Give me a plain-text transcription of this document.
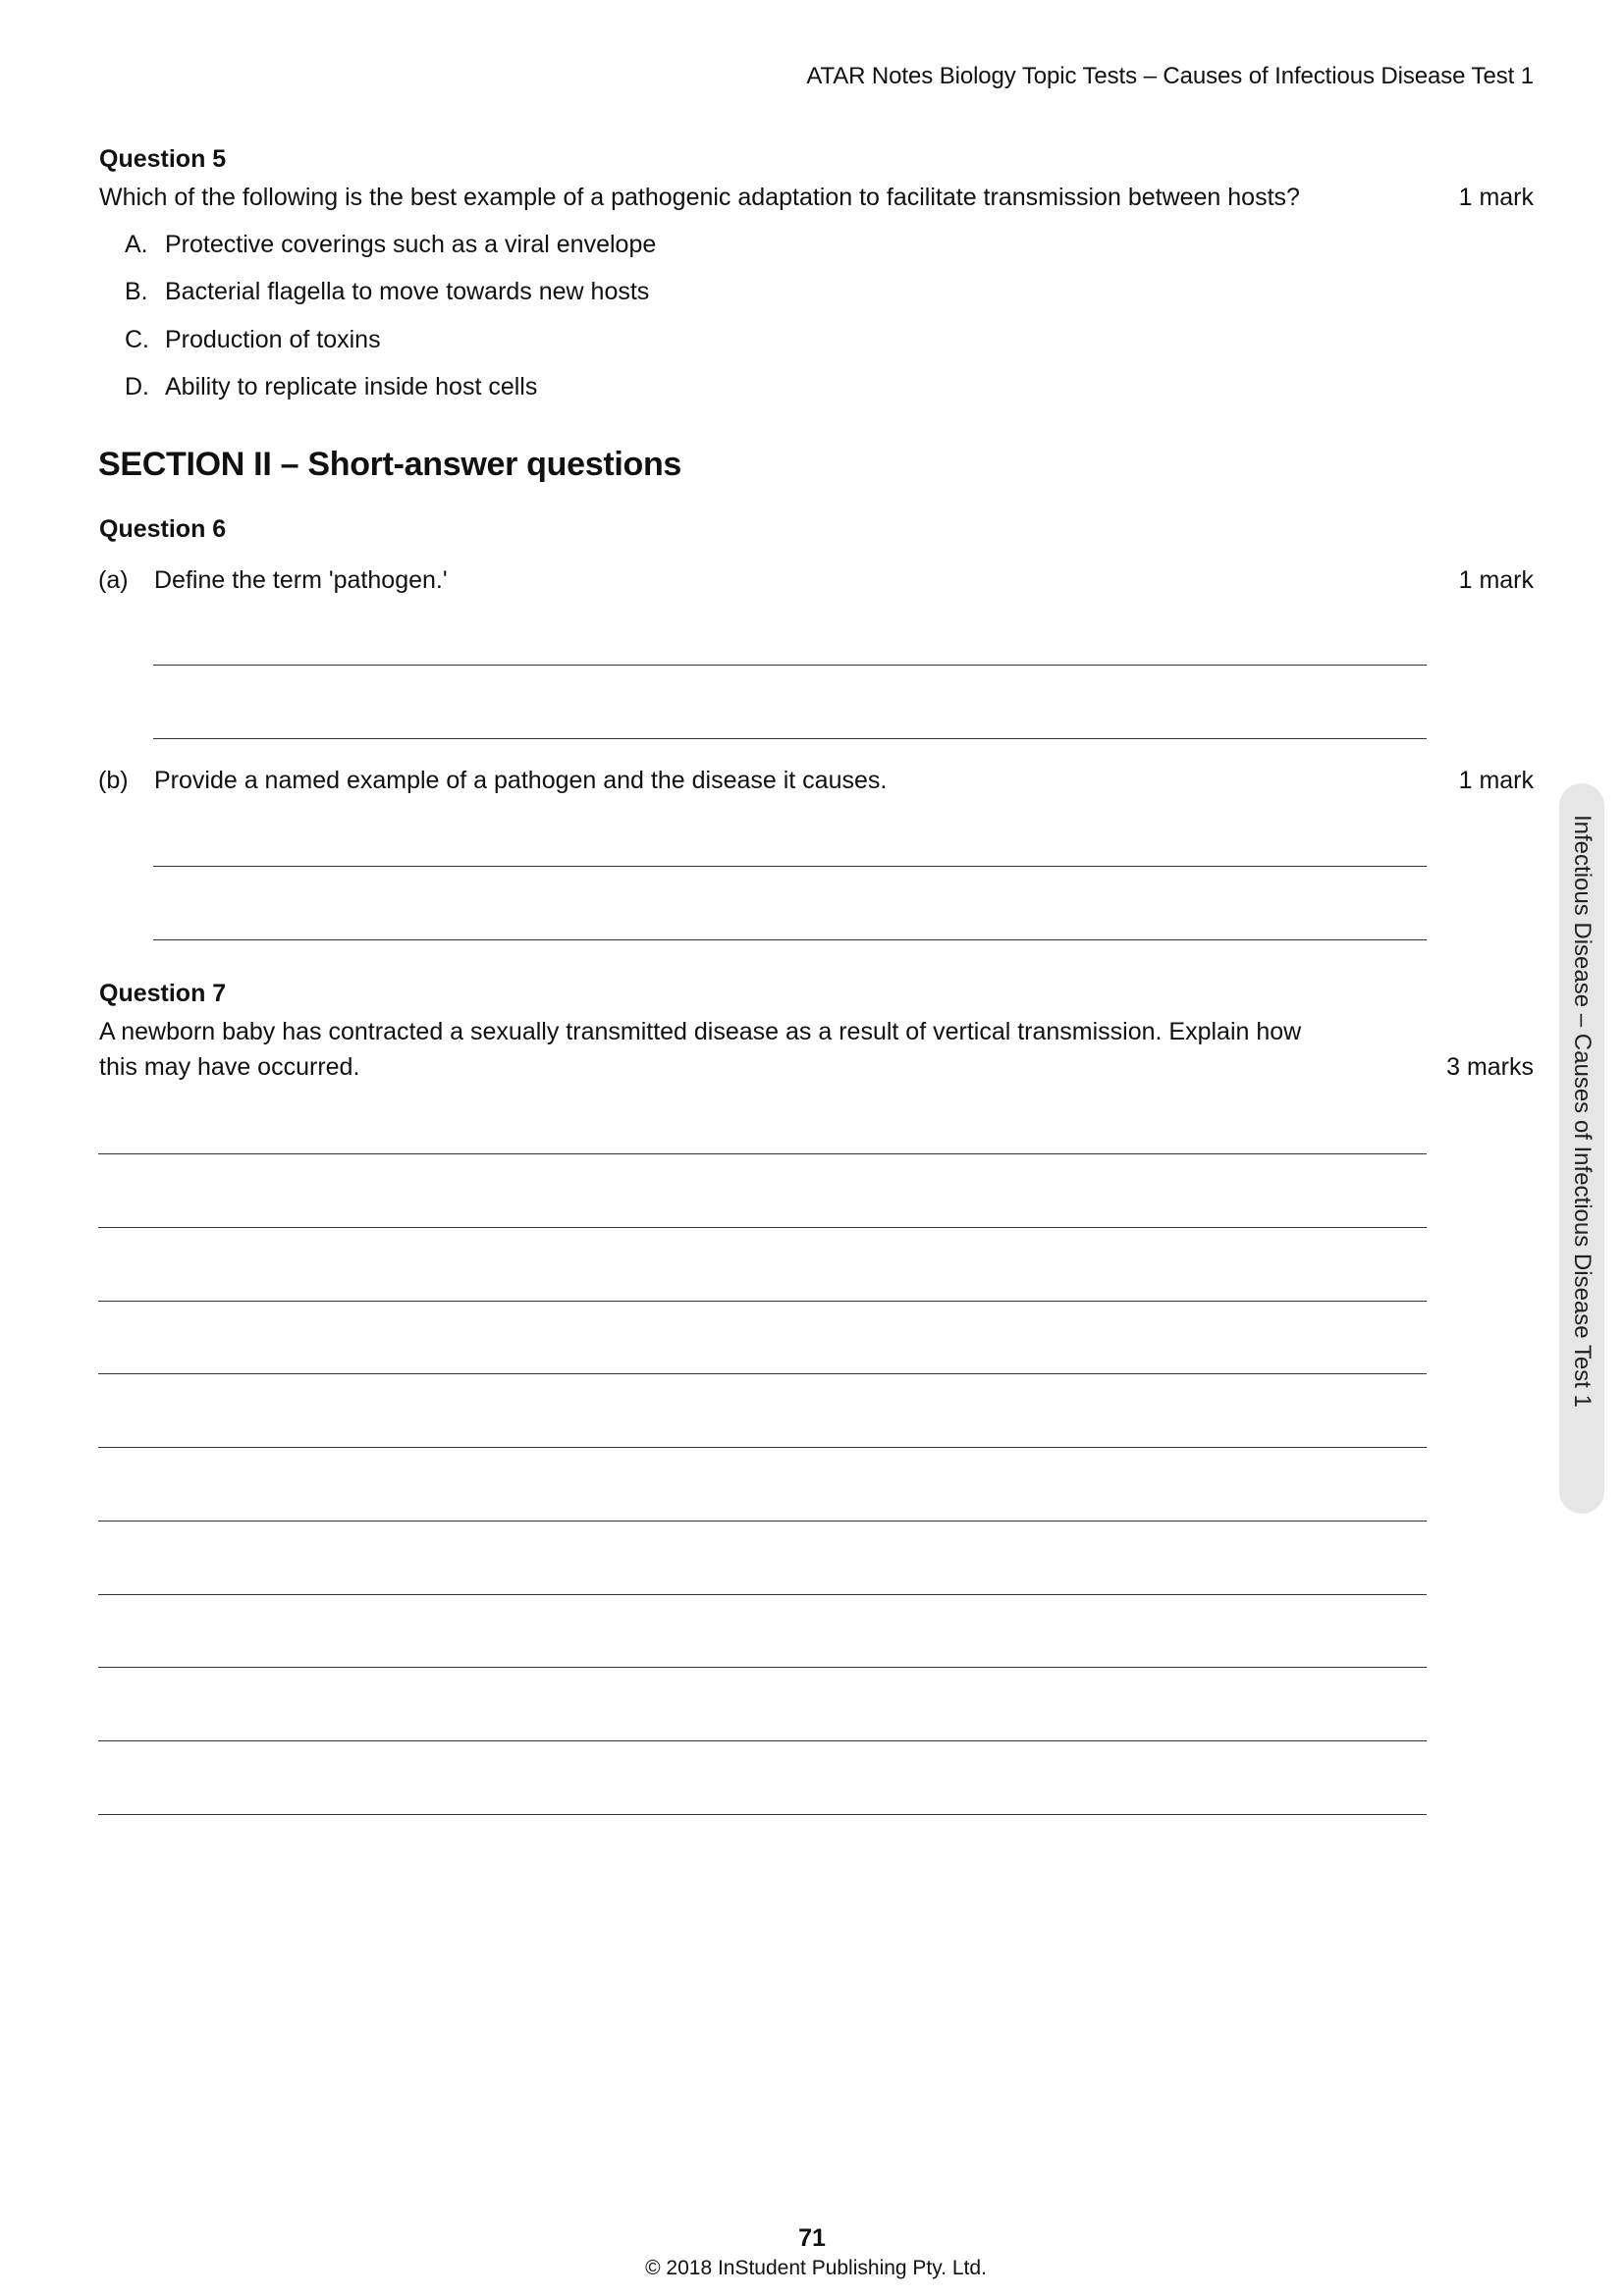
ATAR Notes Biology Topic Tests – Causes of Infectious Disease Test 1
Question 5
Which of the following is the best example of a pathogenic adaptation to facilitate transmission between hosts?	1 mark
A. Protective coverings such as a viral envelope
B. Bacterial flagella to move towards new hosts
C. Production of toxins
D. Ability to replicate inside host cells
SECTION II – Short-answer questions
Question 6
(a) Define the term 'pathogen.'	1 mark
(b) Provide a named example of a pathogen and the disease it causes.	1 mark
Question 7
A newborn baby has contracted a sexually transmitted disease as a result of vertical transmission. Explain how
this may have occurred.	3 marks Infectious Disease – Causes of Infectious Disease Test 1
71
© 2018 InStudent Publishing Pty. Ltd.
